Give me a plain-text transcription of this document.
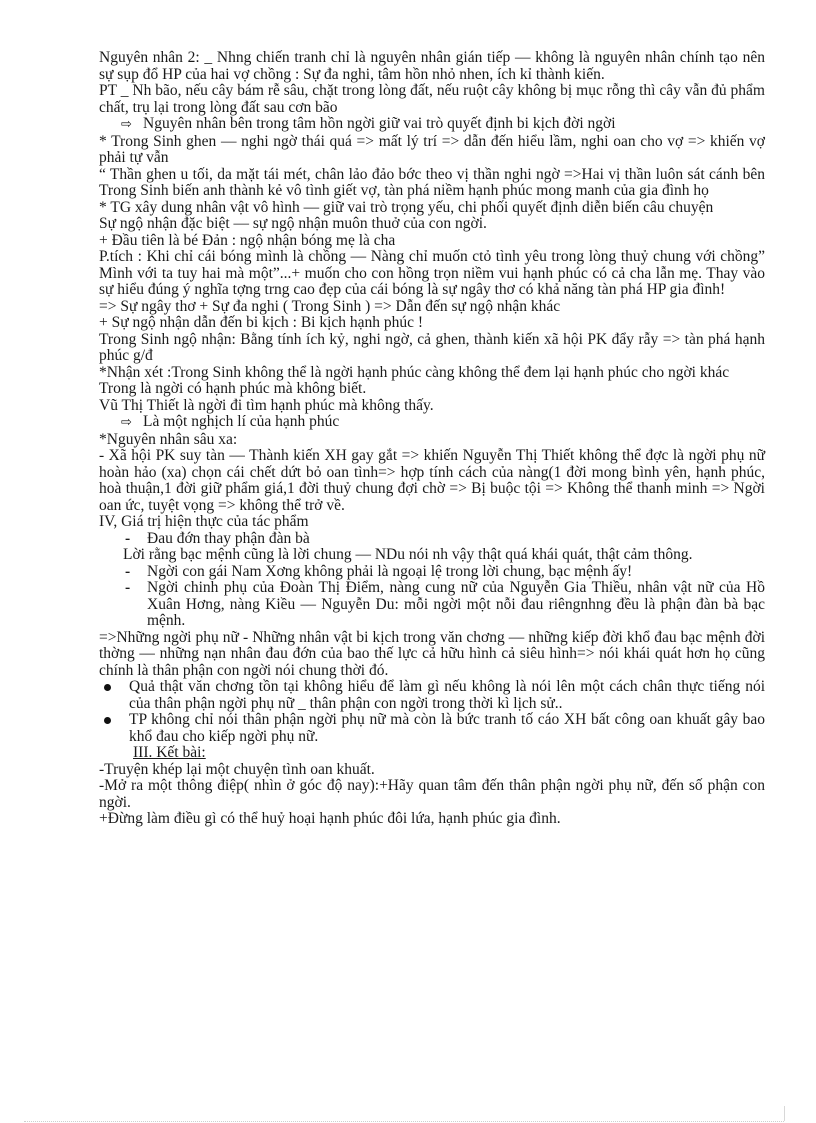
Nguyên nhân 2: _ Nhng chiến tranh chỉ là nguyên nhân gián tiếp — không là nguyên nhân chính tạo nên sự sụp đổ HP của hai vợ chồng : Sự đa nghi, tâm hồn nhỏ nhen, ích kỉ thành kiến.

PT _ Nh bão, nếu cây bám rễ sâu, chặt trong lòng đất, nếu ruột cây không bị mục rỗng thì cây vẫn đủ phẩm chất, trụ lại trong lòng đất sau cơn bão

⇨ Nguyên nhân bên trong tâm hồn ngời giữ vai trò quyết định bi kịch đời ngời

* Trong Sinh ghen — nghi ngờ thái quá => mất lý trí => dẫn đến hiểu lầm, nghi oan cho vợ => khiến vợ phải tự vẫn

“ Thần ghen u tối, da mặt tái mét, chân lảo đảo bớc theo vị thần nghi ngờ =>Hai vị thần luôn sát cánh bên Trong Sinh biến anh thành kẻ vô tình giết vợ, tàn phá niềm hạnh phúc mong manh của gia đình họ

* TG xây dung nhân vật vô hình — giữ vai trò trọng yếu, chi phối quyết định diễn biến câu chuyện

Sự ngộ nhận đặc biệt — sự ngộ nhận muôn thuở của con ngời.

+ Đầu tiên là bé Đản : ngộ nhận bóng mẹ là cha

P.tích : Khi chỉ cái bóng mình là chồng — Nàng chỉ muốn ctỏ tình yêu trong lòng thuỷ chung với chồng” Mình với ta tuy hai mà một”...+ muốn cho con hồng trọn niềm vui hạnh phúc có cả cha lẫn mẹ. Thay vào sự hiểu đúng ý nghĩa tợng trng cao đẹp của cái bóng là sự ngây thơ có khả năng tàn phá HP gia đình!

=> Sự ngây thơ + Sự đa nghi ( Trong Sinh ) => Dẫn đến sự ngộ nhận khác

+ Sự ngộ nhận dẫn đến bi kịch : Bi kịch hạnh phúc !

Trong Sinh ngộ nhận: Bằng tính ích kỷ, nghi ngờ, cả ghen, thành kiến xã hội PK đẩy rẫy => tàn phá hạnh phúc g/đ

*Nhận xét :Trong Sinh không thể là ngời hạnh phúc càng không thể đem lại hạnh phúc cho ngời khác

Trong là ngời có hạnh phúc mà không biết.

Vũ Thị Thiết là ngời đi tìm hạnh phúc mà không thấy.

⇨ Là một nghịch lí của hạnh phúc

*Nguyên nhân sâu xa:

- Xã hội PK suy tàn — Thành kiến XH gay gắt => khiến Nguyễn Thị Thiết không thể đợc là ngời phụ nữ hoàn hảo (xa) chọn cái chết dứt bỏ oan tình=> hợp tính cách của nàng(1 đời mong bình yên, hạnh phúc, hoà thuận,1 đời giữ phẩm giá,1 đời thuỷ chung đợi chờ => Bị buộc tội => Không thể thanh minh => Ngời oan ức, tuyệt vọng => không thể trở về.

IV, Giá trị hiện thực của tác phẩm

- Đau đớn thay phận đàn bà

Lời rằng bạc mệnh cũng là lời chung — NDu nói nh vậy thật quá khái quát, thật cảm thông.

- Ngời con gái Nam Xơng không phải là ngoại lệ trong lời chung, bạc mệnh ấy!

- Ngời chinh phụ của Đoàn Thị Điểm, nàng cung nữ của Nguyễn Gia Thiều, nhân vật nữ của Hồ Xuân Hơng, nàng Kiều — Nguyễn Du: mỗi ngời một nỗi đau riêngnhng đều là phận đàn bà bạc mệnh.

=>Những ngời phụ nữ - Những nhân vật bi kịch trong văn chơng — những kiếp đời khổ đau bạc mệnh đời thờng — những nạn nhân đau đớn của bao thế lực cả hữu hình cả siêu hình=> nói khái quát hơn họ cũng chính là thân phận con ngời nói chung thời đó.

Quả thật văn chơng tồn tại không hiểu để làm gì nếu không là nói lên một cách chân thực tiếng nói của thân phận ngời phụ nữ _ thân phận con ngời trong thời kì lịch sử..

TP không chỉ nói thân phận ngời phụ nữ mà còn là bức tranh tố cáo XH bất công oan khuất gây bao khổ đau cho kiếp ngời phụ nữ.

III. Kết bài:

-Truyện khép lại một chuyện tình oan khuất.

-Mở ra một thông điệp( nhìn ở góc độ nay):+Hãy quan tâm đến thân phận ngời phụ nữ, đến số phận con ngời.

+Đừng làm điều gì có thể huỷ hoại hạnh phúc đôi lứa, hạnh phúc gia đình.
